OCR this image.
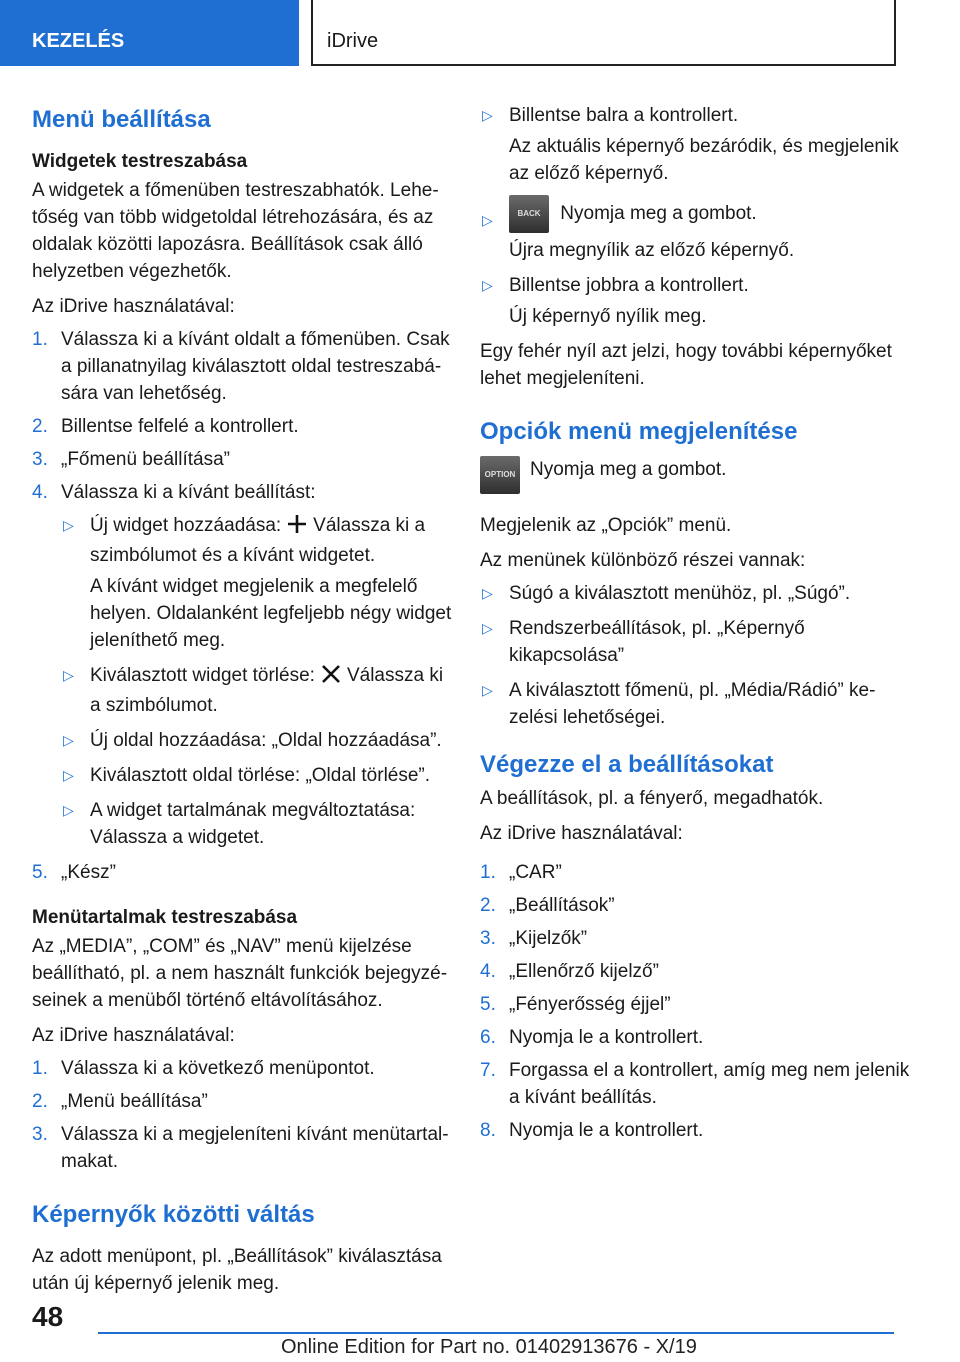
KEZELÉS	iDrive
Menü beállítása
Widgetek testreszabása

A widgetek a főmenüben testreszabhatók. Lehetőség van több widgetoldal létrehozására, és az oldalak közötti lapozásra. Beállítások csak álló helyzetben végezhetők.

Az iDrive használatával:

1. Válassza ki a kívánt oldalt a főmenüben. Csak a pillanatnyilag kiválasztott oldal testreszabására van lehetőség.
2. Billentse felfelé a kontrollert.
3. „Főmenü beállítása”
4. Válassza ki a kívánt beállítást:
▷ Új widget hozzáadása: Válassza ki a szimbólumot és a kívánt widgetet.

A kívánt widget megjelenik a megfelelő helyen. Oldalanként legfeljebb négy widget jeleníthető meg.

▷ Kiválasztott widget törlése: Válassza ki a szimbólumot.
▷ Új oldal hozzáadása: „Oldal hozzáadása”.
▷ Kiválasztott oldal törlése: „Oldal törlése”.
▷ A widget tartalmának megváltoztatása: Válassza a widgetet.
5. „Kész”
Menütartalmak testreszabása

Az „MEDIA”, „COM” és „NAV” menü kijelzése beállítható, pl. a nem használt funkciók bejegyzéseinek a menüből történő eltávolításához.

Az iDrive használatával:

1. Válassza ki a következő menüpontot.
2. „Menü beállítása”
3. Válassza ki a megjeleníteni kívánt menütartalmakat.
Képernyők közötti váltás

Az adott menüpont, pl. „Beállítások” kiválasztása után új képernyő jelenik meg.

▷ Billentse balra a kontrollert.

Az aktuális képernyő bezáródik, és megjelenik az előző képernyő.

▷	BACK Nyomja meg a gombot.

Újra megnyílik az előző képernyő.

▷ Billentse jobbra a kontrollert.

Új képernyő nyílik meg.

Egy fehér nyíl azt jelzi, hogy további képernyőket lehet megjeleníteni.

Opciók menü megjelenítése
OPTION Nyomja meg a gombot.

Megjelenik az „Opciók” menü.

Az menünek különböző részei vannak:

▷ Súgó a kiválasztott menühöz, pl. „Súgó”.
▷ Rendszerbeállítások, pl. „Képernyő kikapcsolása”
▷ A kiválasztott főmenü, pl. „Média/Rádió” kezelési lehetőségei.
Végezze el a beállításokat

A beállítások, pl. a fényerő, megadhatók.

Az iDrive használatával:

1. „CAR”
2. „Beállítások”
3. „Kijelzők”
4. „Ellenőrző kijelző”
5. „Fényerősség éjjel”
6. Nyomja le a kontrollert.
7. Forgassa el a kontrollert, amíg meg nem jelenik a kívánt beállítás.
8. Nyomja le a kontrollert.
48
Online Edition for Part no. 01402913676 - X/19
